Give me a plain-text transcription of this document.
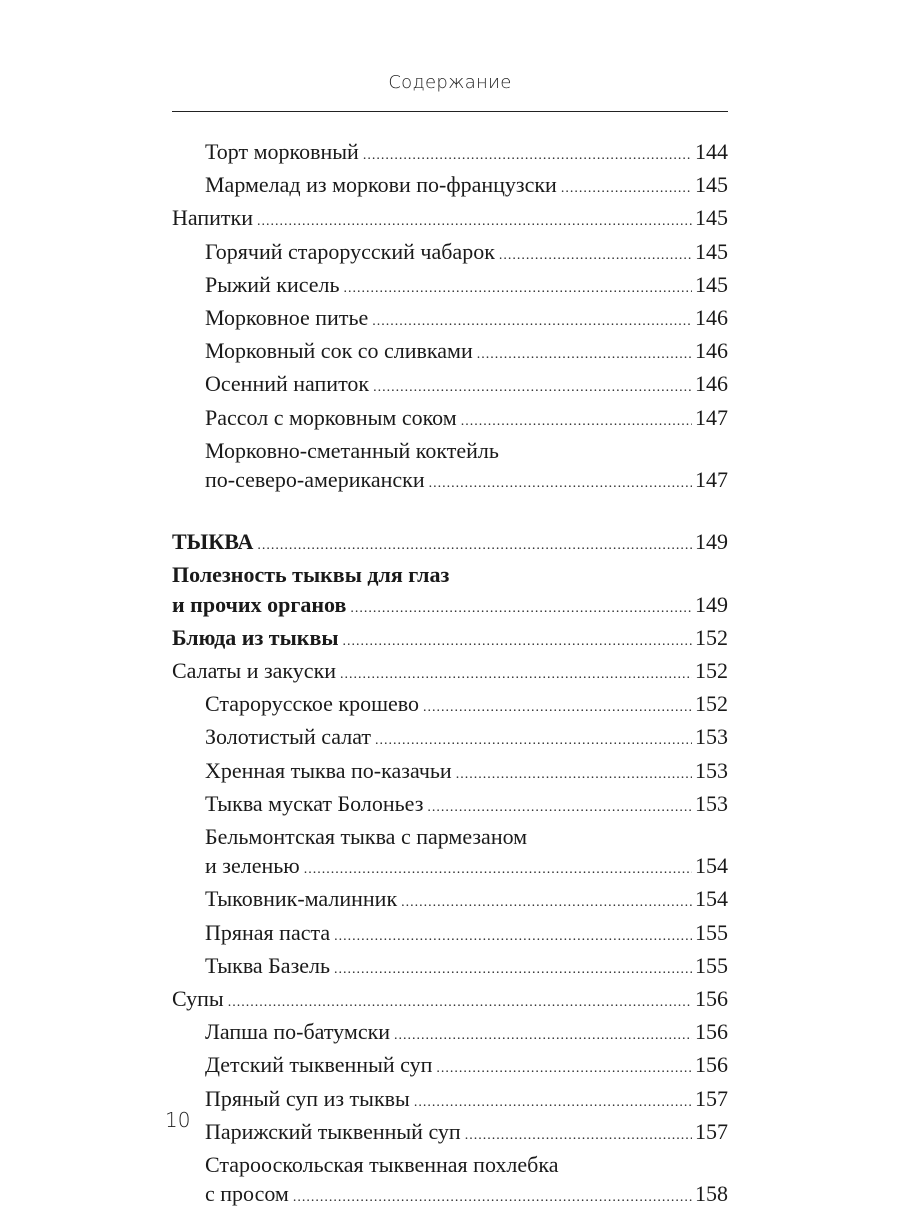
Содержание
Торт морковный .....	144
Мармелад из моркови по-французски .....	145
Напитки .....	145
Горячий старорусский чабарок .....	145
Рыжий кисель .....	145
Морковное питье .....	146
Морковный сок со сливками .....	146
Осенний напиток .....	146
Рассол с морковным соком .....	147
Морковно-сметанный коктейль
по-северо-американски .....	147
ТЫКВА .....	149
Полезность тыквы для глаз
и прочих органов .....	149
Блюда из тыквы .....	152
Салаты и закуски .....	152
Старорусское крошево .....	152
Золотистый салат .....	153
Хренная тыква по-казачьи .....	153
Тыква мускат Болоньез .....	153
Бельмонтская тыква с пармезаном
и зеленью .....	154
Тыковник-малинник .....	154
Пряная паста .....	155
Тыква Базель .....	155
Супы .....	156
Лапша по-батумски .....	156
Детский тыквенный суп .....	156
Пряный суп из тыквы .....	157
Парижский тыквенный суп .....	157
Старооскольская тыквенная похлебка
с просом .....	158
10
